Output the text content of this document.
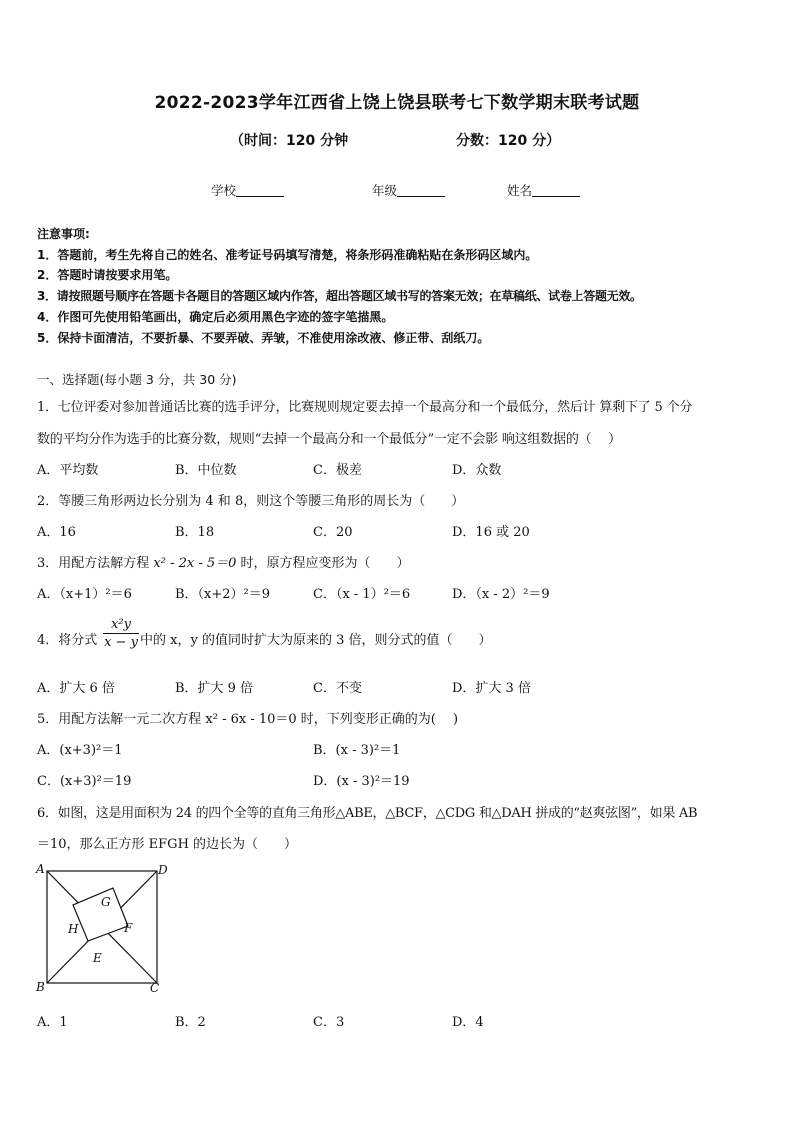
2022-2023学年江西省上饶上饶县联考七下数学期末联考试题
（时间：120 分钟	分数：120 分）
学校	年级	姓名
注意事项:
1．答题前，考生先将自己的姓名、准考证号码填写清楚，将条形码准确粘贴在条形码区域内。
2．答题时请按要求用笔。
3．请按照题号顺序在答题卡各题目的答题区域内作答，超出答题区域书写的答案无效；在草稿纸、试卷上答题无效。
4．作图可先使用铅笔画出，确定后必须用黑色字迹的签字笔描黑。
5．保持卡面清洁，不要折暴、不要弄破、弄皱，不准使用涂改液、修正带、刮纸刀。
一、选择题(每小题 3 分，共 30 分)
1．七位评委对参加普通话比赛的选手评分，比赛规则规定要去掉一个最高分和一个最低分，然后计 算剩下了 5 个分
数的平均分作为选手的比赛分数，规则“去掉一个最高分和一个最低分”一定不会影 响这组数据的（　 ）
A．平均数	B．中位数	C．极差	D．众数
2．等腰三角形两边长分别为 4 和 8，则这个等腰三角形的周长为（　　）
A．16	B．18	C．20	D．16 或 20
3．用配方法解方程 x² - 2x - 5＝0 时，原方程应变形为（　　）
A．（x+1）²＝6	B．（x+2）²＝9	C．（x - 1）²＝6	D．（x - 2）²＝9
4．将分式 $\frac{\text{x²y}}{x - y}$ 中的 x，y 的值同时扩大为原来的 3 倍，则分式的值（　　）
A．扩大 6 倍	B．扩大 9 倍	C．不变	D．扩大 3 倍
5．用配方法解一元二次方程 x² - 6x - 10＝0 时，下列变形正确的为(　 )
A．(x+3)²＝1	B．(x - 3)²＝1
C．(x+3)²＝19	D．(x - 3)²＝19
6．如图，这是用面积为 24 的四个全等的直角三角形△ABE，△BCF，△CDG 和△DAH 拼成的“赵爽弦图”，如果 AB
＝10，那么正方形 EFGH 的边长为（　　）
A	D
B	C
G
H	F
E
A．1	B．2	C．3	D．4
